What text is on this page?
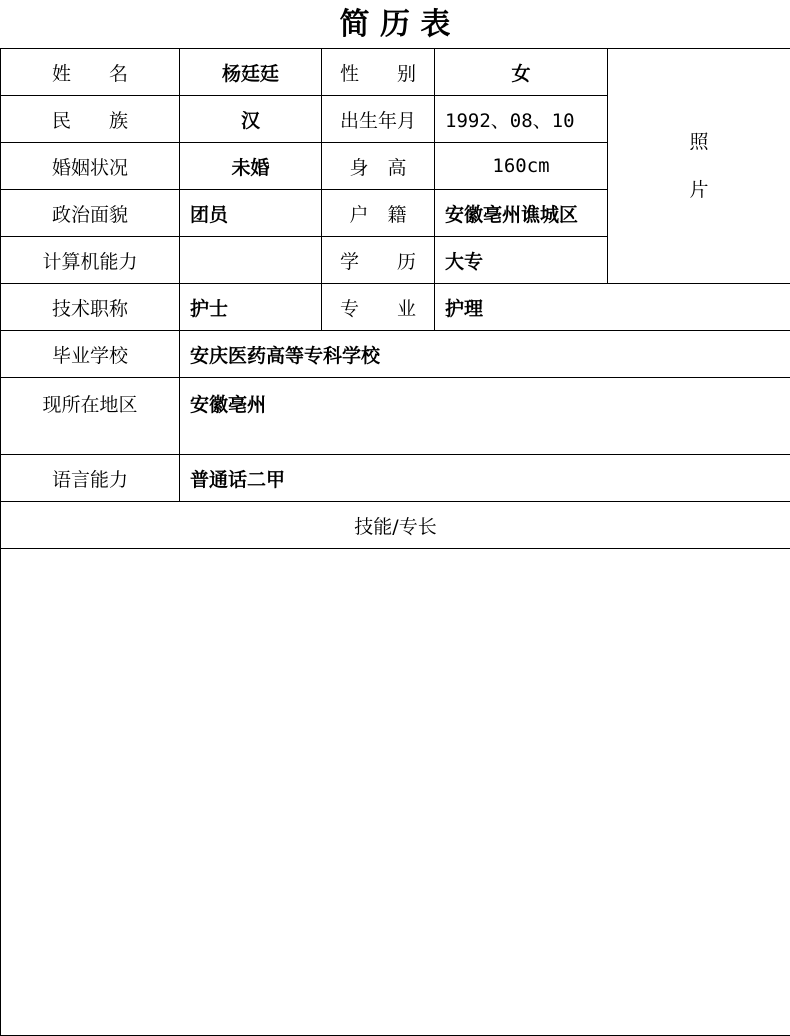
简 历 表
姓　　名	杨廷廷	性　　别	女	照
片

民　　族	汉	出生年月	1992、08、10	
婚姻状况	未婚	身　高	160cm	
政治面貌	团员	户　籍	安徽亳州谯城区	
计算机能力		学　　历	大专	
技术职称	护士	专　　业	护理	
毕业学校	安庆医药高等专科学校			
现所在地区	安徽亳州			
语言能力	普通话二甲			
技能/专长				
